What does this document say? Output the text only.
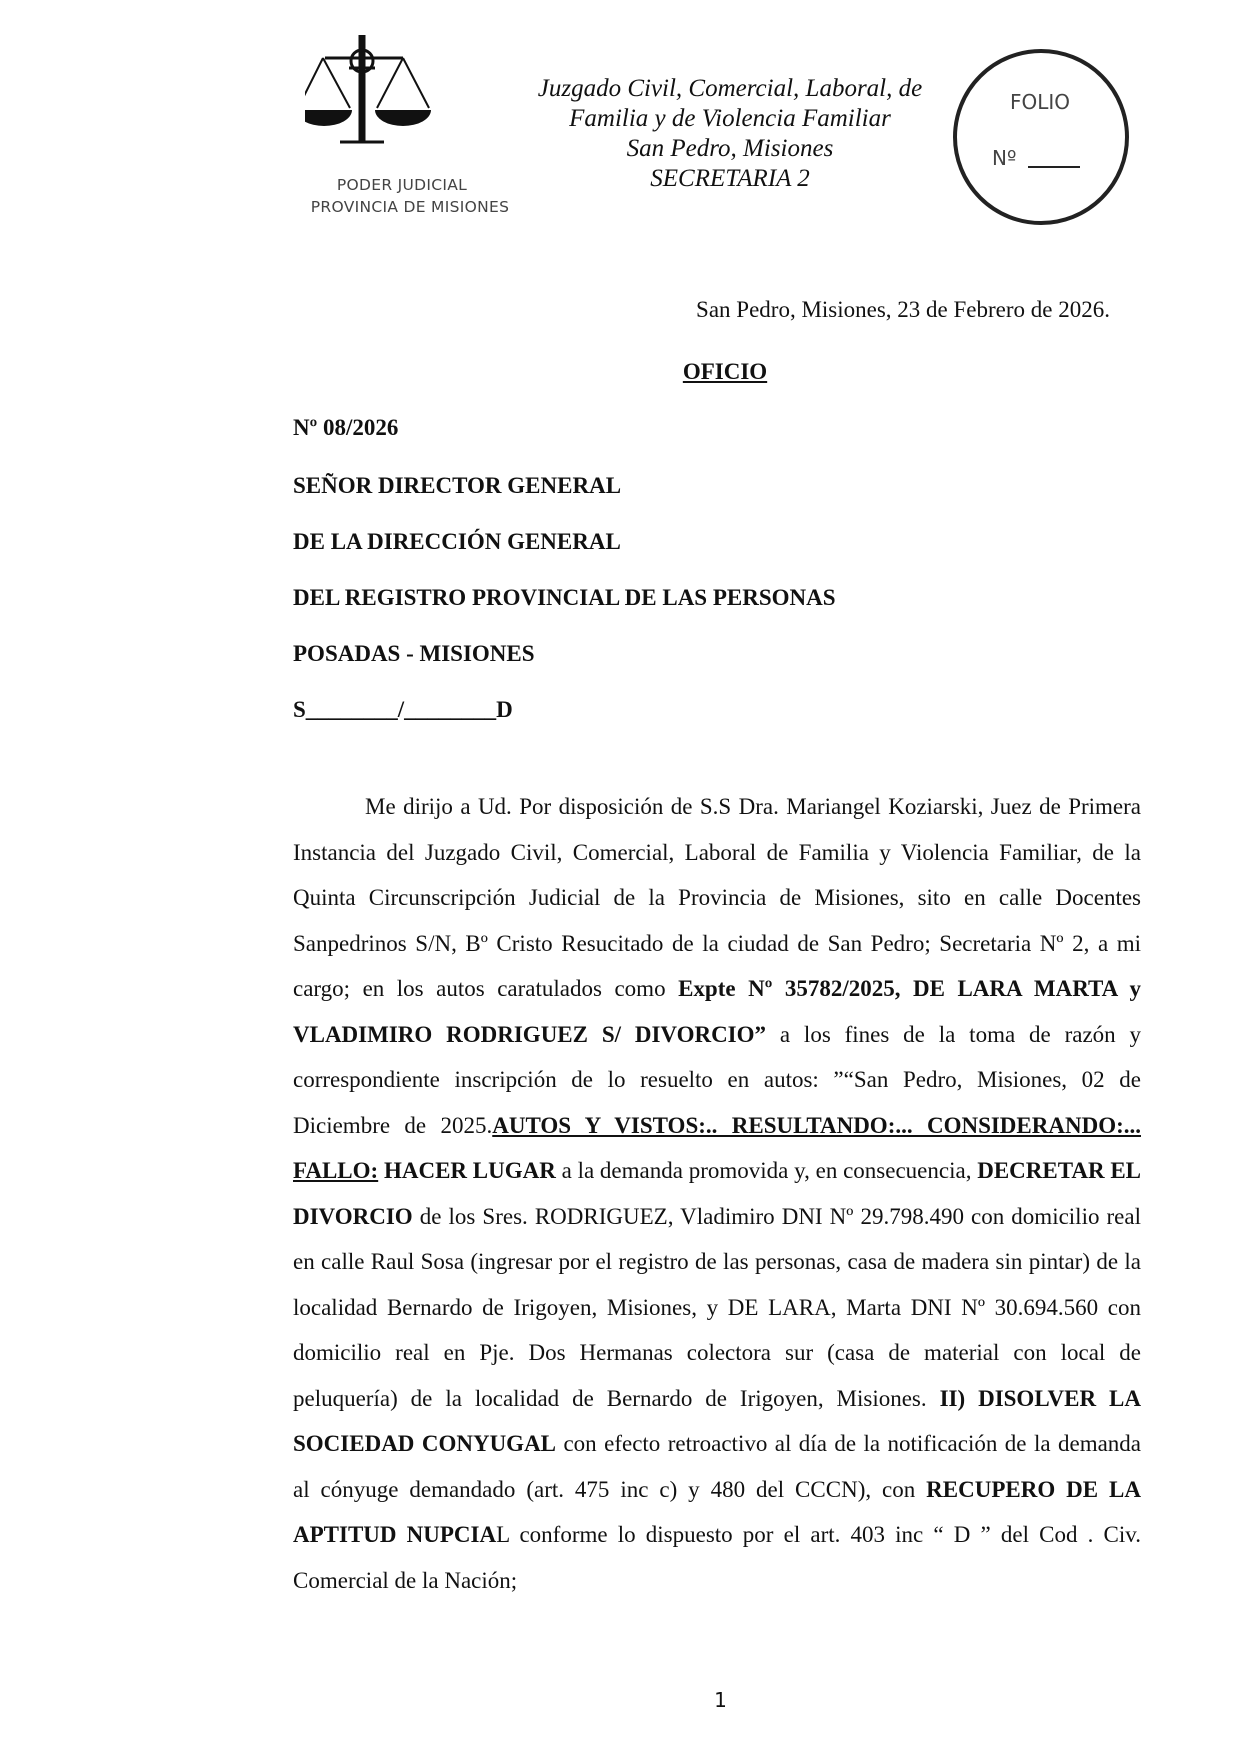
PODER JUDICIAL
PROVINCIA DE MISIONES
Juzgado Civil, Comercial, Laboral, de
Familia y de Violencia Familiar
San Pedro, Misiones
SECRETARIA 2
FOLIO
Nº
San Pedro, Misiones, 23 de Febrero de 2026.
OFICIO
Nº 08/2026
SEÑOR DIRECTOR GENERAL
DE LA DIRECCIÓN GENERAL
DEL REGISTRO PROVINCIAL DE LAS PERSONAS
POSADAS - MISIONES
S________/________D

Me dirijo a Ud. Por disposición de S.S Dra. Mariangel Koziarski, Juez de Primera Instancia del Juzgado Civil, Comercial, Laboral de Familia y Violencia Familiar, de la Quinta Circunscripción Judicial de la Provincia de Misiones, sito en calle Docentes Sanpedrinos S/N, Bº Cristo Resucitado de la ciudad de San Pedro; Secretaria Nº 2, a mi cargo; en los autos caratulados como Expte Nº 35782/2025, DE LARA MARTA y VLADIMIRO RODRIGUEZ S/ DIVORCIO” a los fines de la toma de razón y correspondiente inscripción de lo resuelto en autos: ”“San Pedro, Misiones, 02 de Diciembre de 2025.AUTOS Y VISTOS:.. RESULTANDO:... CONSIDERANDO:... FALLO: HACER LUGAR a la demanda promovida y, en consecuencia, DECRETAR EL DIVORCIO de los Sres. RODRIGUEZ, Vladimiro DNI Nº 29.798.490 con domicilio real en calle Raul Sosa (ingresar por el registro de las personas, casa de madera sin pintar) de la localidad Bernardo de Irigoyen, Misiones, y DE LARA, Marta DNI Nº 30.694.560 con domicilio real en Pje. Dos Hermanas colectora sur (casa de material con local de peluquería) de la localidad de Bernardo de Irigoyen, Misiones. II) DISOLVER LA SOCIEDAD CONYUGAL con efecto retroactivo al día de la notificación de la demanda al cónyuge demandado (art. 475 inc c) y 480 del CCCN), con RECUPERO DE LA APTITUD NUPCIAL conforme lo dispuesto por el art. 403 inc “ D ” del Cod . Civ. Comercial de la Nación;

1
